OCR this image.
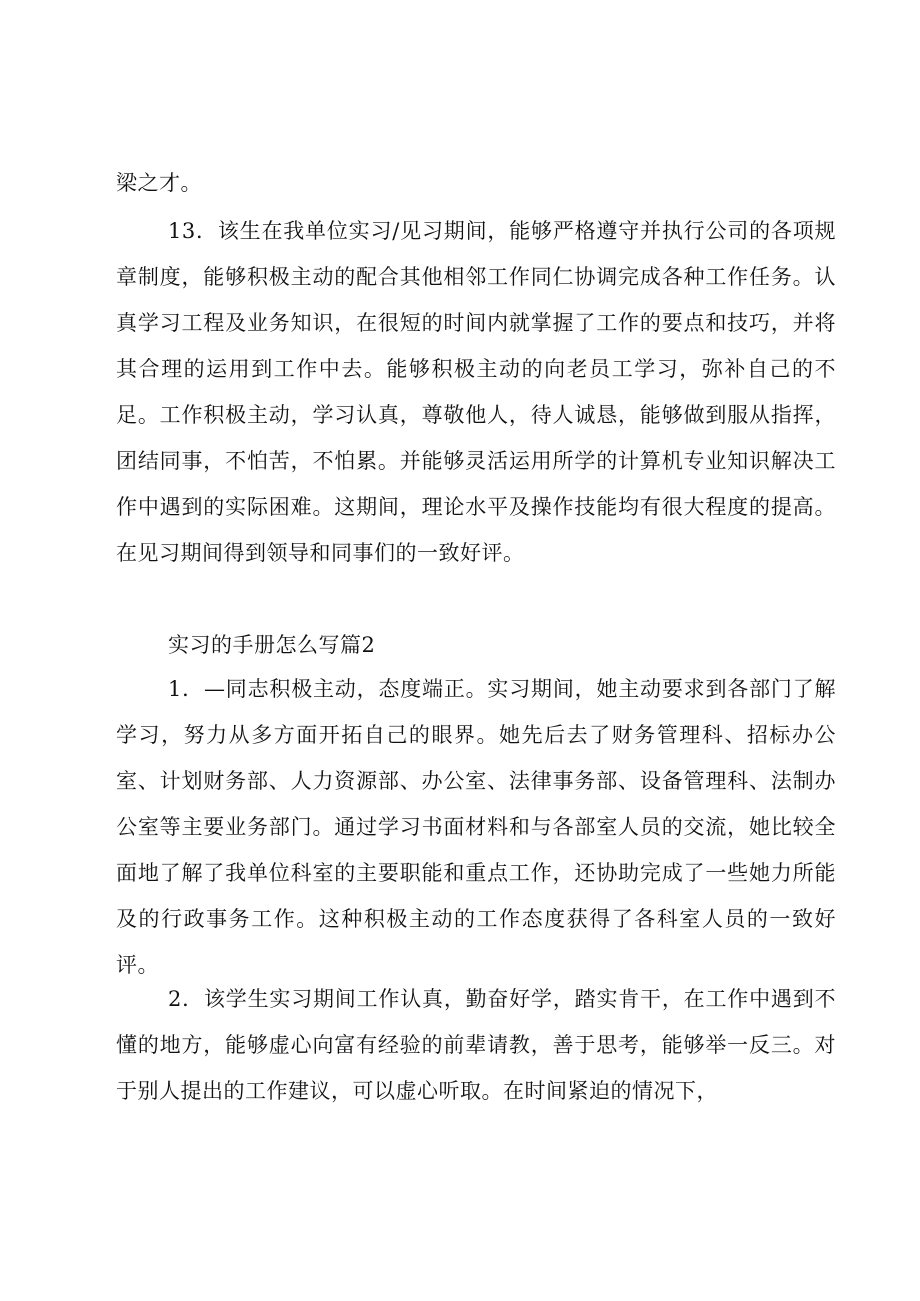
梁之才。

13．该生在我单位实习/见习期间，能够严格遵守并执行公司的各项规章制度，能够积极主动的配合其他相邻工作同仁协调完成各种工作任务。认真学习工程及业务知识，在很短的时间内就掌握了工作的要点和技巧，并将其合理的运用到工作中去。能够积极主动的向老员工学习，弥补自己的不足。工作积极主动，学习认真，尊敬他人，待人诚恳，能够做到服从指挥，团结同事，不怕苦，不怕累。并能够灵活运用所学的计算机专业知识解决工作中遇到的实际困难。这期间，理论水平及操作技能均有很大程度的提高。在见习期间得到领导和同事们的一致好评。

实习的手册怎么写篇2

1．—同志积极主动，态度端正。实习期间，她主动要求到各部门了解学习，努力从多方面开拓自己的眼界。她先后去了财务管理科、招标办公室、计划财务部、人力资源部、办公室、法律事务部、设备管理科、法制办公室等主要业务部门。通过学习书面材料和与各部室人员的交流，她比较全面地了解了我单位科室的主要职能和重点工作，还协助完成了一些她力所能及的行政事务工作。这种积极主动的工作态度获得了各科室人员的一致好评。

2．该学生实习期间工作认真，勤奋好学，踏实肯干，在工作中遇到不懂的地方，能够虚心向富有经验的前辈请教，善于思考，能够举一反三。对于别人提出的工作建议，可以虚心听取。在时间紧迫的情况下，
